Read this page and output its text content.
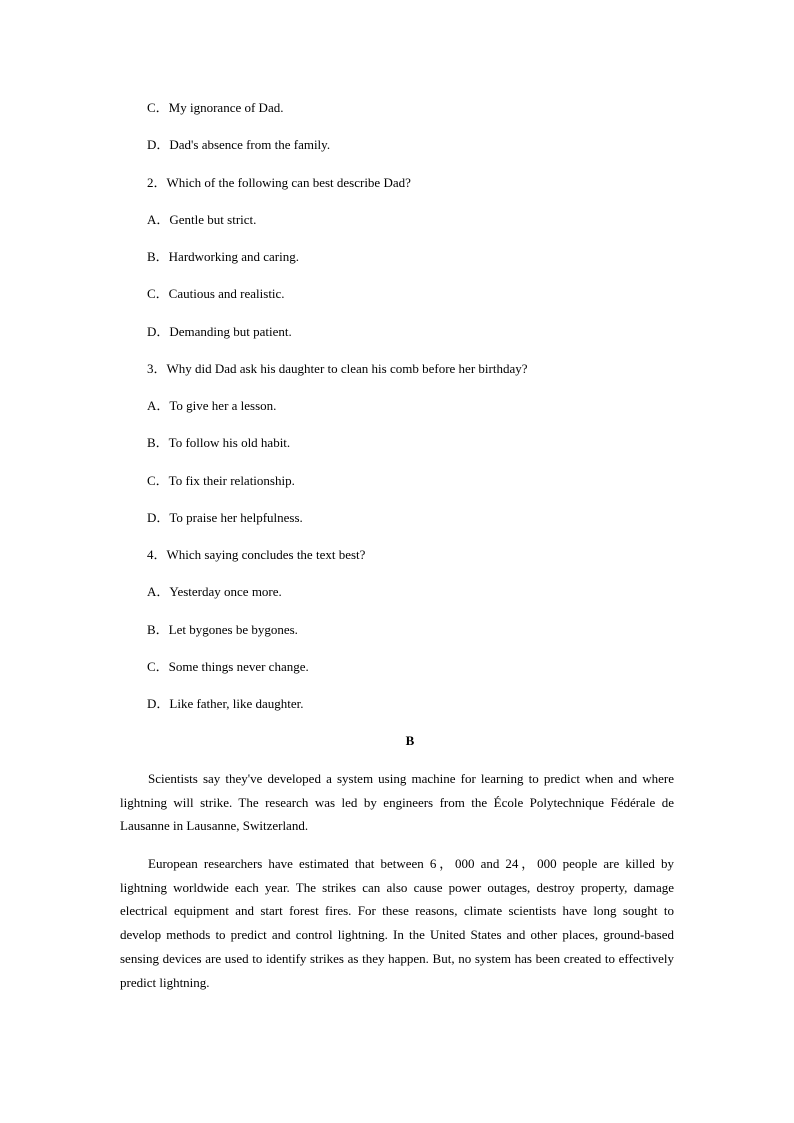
C．My ignorance of Dad.
D．Dad's absence from the family.
2．Which of the following can best describe Dad?
A．Gentle but strict.
B．Hardworking and caring.
C．Cautious and realistic.
D．Demanding but patient.
3．Why did Dad ask his daughter to clean his comb before her birthday?
A．To give her a lesson.
B．To follow his old habit.
C．To fix their relationship.
D．To praise her helpfulness.
4．Which saying concludes the text best?
A．Yesterday once more.
B．Let bygones be bygones.
C．Some things never change.
D．Like father, like daughter.
B
Scientists say they've developed a system using machine for learning to predict when and where lightning will strike. The research was led by engineers from the École Polytechnique Fédérale de Lausanne in Lausanne, Switzerland.
European researchers have estimated that between 6，000 and 24，000 people are killed by lightning worldwide each year. The strikes can also cause power outages, destroy property, damage electrical equipment and start forest fires. For these reasons, climate scientists have long sought to develop methods to predict and control lightning. In the United States and other places, ground-based sensing devices are used to identify strikes as they happen. But, no system has been created to effectively predict lightning.
